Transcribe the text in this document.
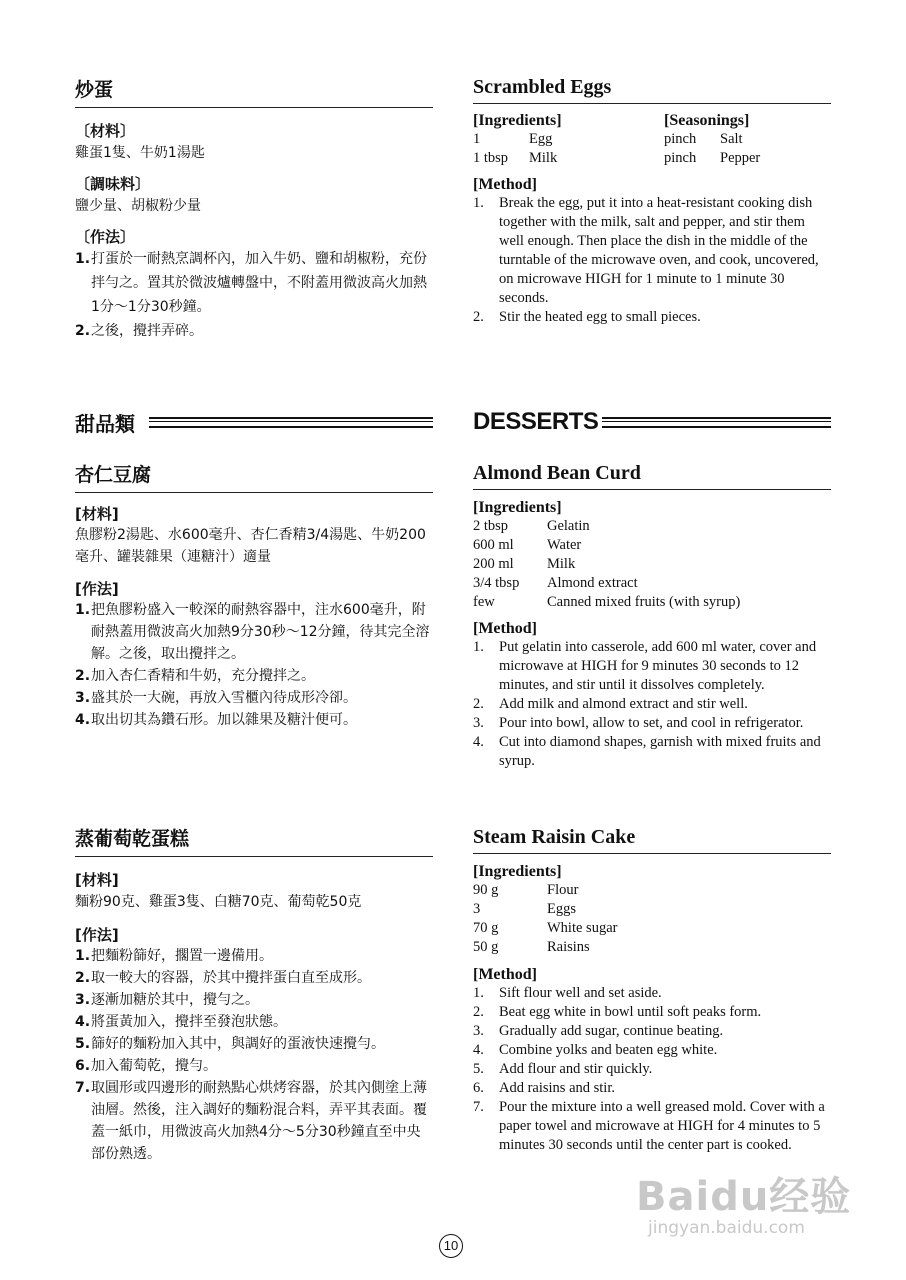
炒蛋

〔材料〕

雞蛋1隻、牛奶1湯匙

〔調味料〕

鹽少量、胡椒粉少量

〔作法〕

1. 打蛋於一耐熱烹調杯內，加入牛奶、鹽和胡椒粉，充份拌勻之。置其於微波爐轉盤中，不附蓋用微波高火加熱1分～1分30秒鐘。
2. 之後，攪拌弄碎。
甜品類
杏仁豆腐

[材料]

魚膠粉2湯匙、水600毫升、杏仁香精3/4湯匙、牛奶200毫升、罐裝雜果（連糖汁）適量

[作法]

1. 把魚膠粉盛入一較深的耐熱容器中，注水600毫升，附耐熱蓋用微波高火加熱9分30秒～12分鐘，待其完全溶解。之後，取出攪拌之。
2. 加入杏仁香精和牛奶，充分攪拌之。
3. 盛其於一大碗，再放入雪櫃內待成形冷卻。
4. 取出切其為鑽石形。加以雜果及糖汁便可。
蒸葡萄乾蛋糕

[材料]

麵粉90克、雞蛋3隻、白糖70克、葡萄乾50克

[作法]

1. 把麵粉篩好，擱置一邊備用。
2. 取一較大的容器，於其中攪拌蛋白直至成形。
3. 逐漸加糖於其中，攪勻之。
4. 將蛋黃加入，攪拌至發泡狀態。
5. 篩好的麵粉加入其中，與調好的蛋液快速攪勻。
6. 加入葡萄乾，攪勻。
7. 取圓形或四邊形的耐熱點心烘烤容器，於其內側塗上薄油層。然後，注入調好的麵粉混合料，弄平其表面。覆蓋一紙巾，用微波高火加熱4分～5分30秒鐘直至中央部份熟透。
Scrambled Eggs

[Ingredients]

1	Egg
1 tbsp	Milk

[Seasonings]

pinch	Salt
pinch	Pepper

[Method]

1. Break the egg, put it into a heat-resistant cooking dish together with the milk, salt and pepper, and stir them well enough. Then place the dish in the middle of the turntable of the microwave oven, and cook, uncovered, on microwave HIGH for 1 minute to 1 minute 30 seconds.
2. Stir the heated egg to small pieces.
DESSERTS
Almond Bean Curd

[Ingredients]

2 tbsp	Gelatin
600 ml	Water
200 ml	Milk
3/4 tbsp	Almond extract
few	Canned mixed fruits (with syrup)

[Method]

1. Put gelatin into casserole, add 600 ml water, cover and microwave at HIGH for 9 minutes 30 seconds to 12 minutes, and stir until it dissolves completely.
2. Add milk and almond extract and stir well.
3. Pour into bowl, allow to set, and cool in refrigerator.
4. Cut into diamond shapes, garnish with mixed fruits and syrup.
Steam Raisin Cake

[Ingredients]

90 g	Flour
3	Eggs
70 g	White sugar
50 g	Raisins

[Method]

1. Sift flour well and set aside.
2. Beat egg white in bowl until soft peaks form.
3. Gradually add sugar, continue beating.
4. Combine yolks and beaten egg white.
5. Add flour and stir quickly.
6. Add raisins and stir.
7. Pour the mixture into a well greased mold. Cover with a paper towel and microwave at HIGH for 4 minutes to 5 minutes 30 seconds until the center part is cooked.
Baidu经验
jingyan.baidu.com
10
